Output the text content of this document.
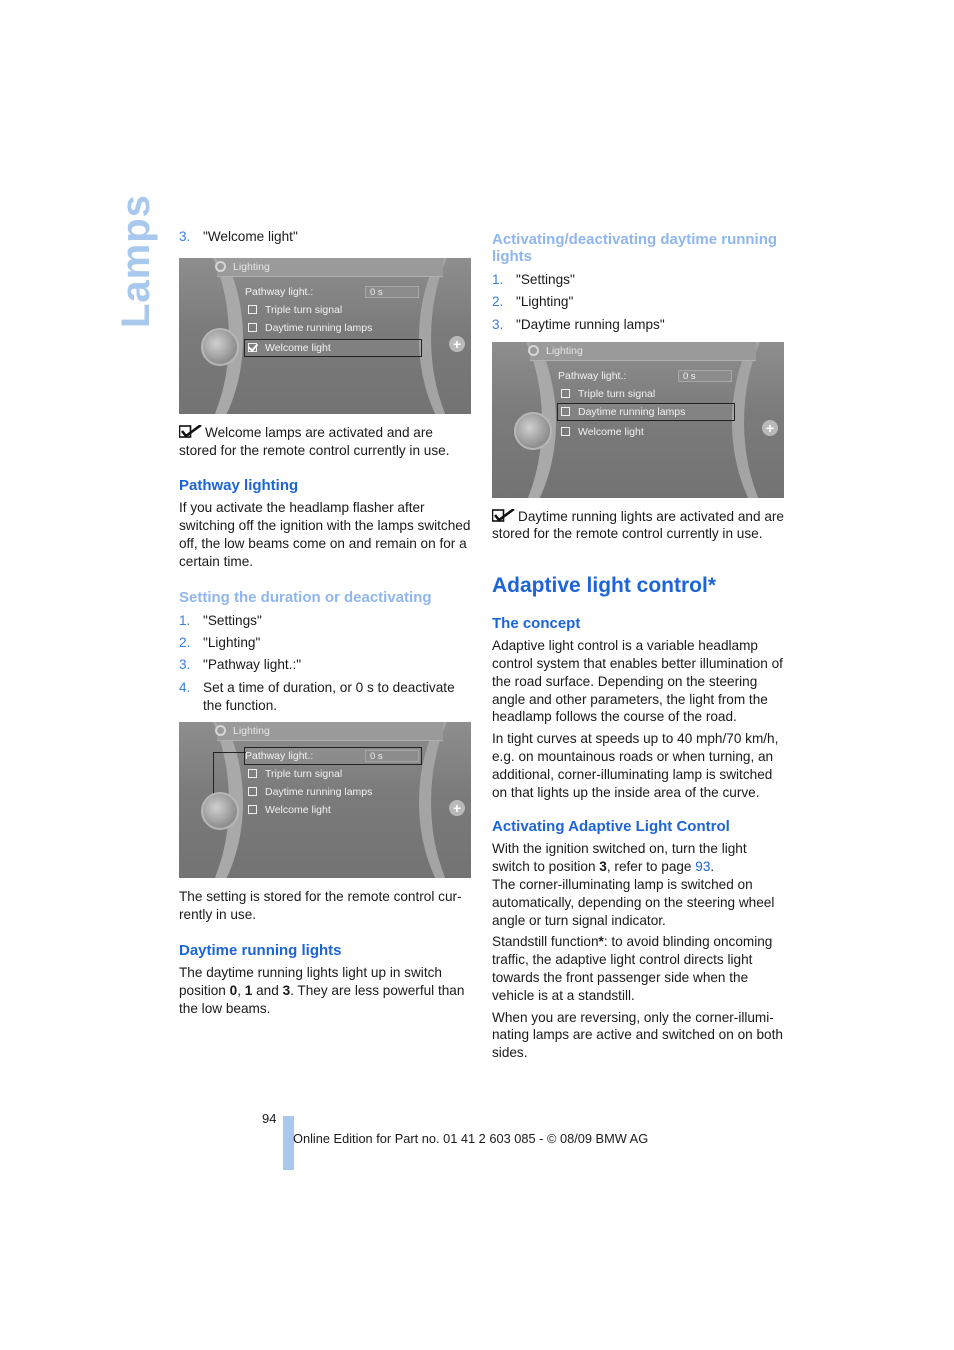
Lamps	3. "Welcome light"
Lighting
Pathway light.:	0 s
Triple turn signal
Daytime running lamps
Welcome light	+

Welcome lamps are activated and are stored for the remote control currently in use.

Pathway lighting

If you activate the headlamp flasher after switching off the ignition with the lamps switched off, the low beams come on and remain on for a certain time.

Setting the duration or deactivating
1. "Settings"
2. "Lighting"
3. "Pathway light.:"
4. Set a time of duration, or 0 s to deactivate the function.
Lighting
Pathway light.:	0 s
Triple turn signal
Daytime running lamps
Welcome light	+

The setting is stored for the remote control cur-rently in use.

Daytime running lights

The daytime running lights light up in switch position 0, 1 and 3. They are less powerful than the low beams.

Activating/deactivating daytime running lights
1. "Settings"
2. "Lighting"
3. "Daytime running lamps"
Lighting
Pathway light.:	0 s
Triple turn signal
Daytime running lamps
Welcome light	+

Daytime running lights are activated and are stored for the remote control currently in use.

Adaptive light control*
The concept

Adaptive light control is a variable headlamp control system that enables better illumination of the road surface. Depending on the steering angle and other parameters, the light from the headlamp follows the course of the road.

In tight curves at speeds up to 40 mph/70 km/h, e.g. on mountainous roads or when turning, an additional, corner-illuminating lamp is switched on that lights up the inside area of the curve.

Activating Adaptive Light Control

With the ignition switched on, turn the light switch to position 3, refer to page 93.

The corner-illuminating lamp is switched on automatically, depending on the steering wheel angle or turn signal indicator.

Standstill function*: to avoid blinding oncoming traffic, the adaptive light control directs light towards the front passenger side when the vehicle is at a standstill.

When you are reversing, only the corner-illumi-nating lamps are active and switched on on both sides.

94
Online Edition for Part no. 01 41 2 603 085 - © 08/09 BMW AG
